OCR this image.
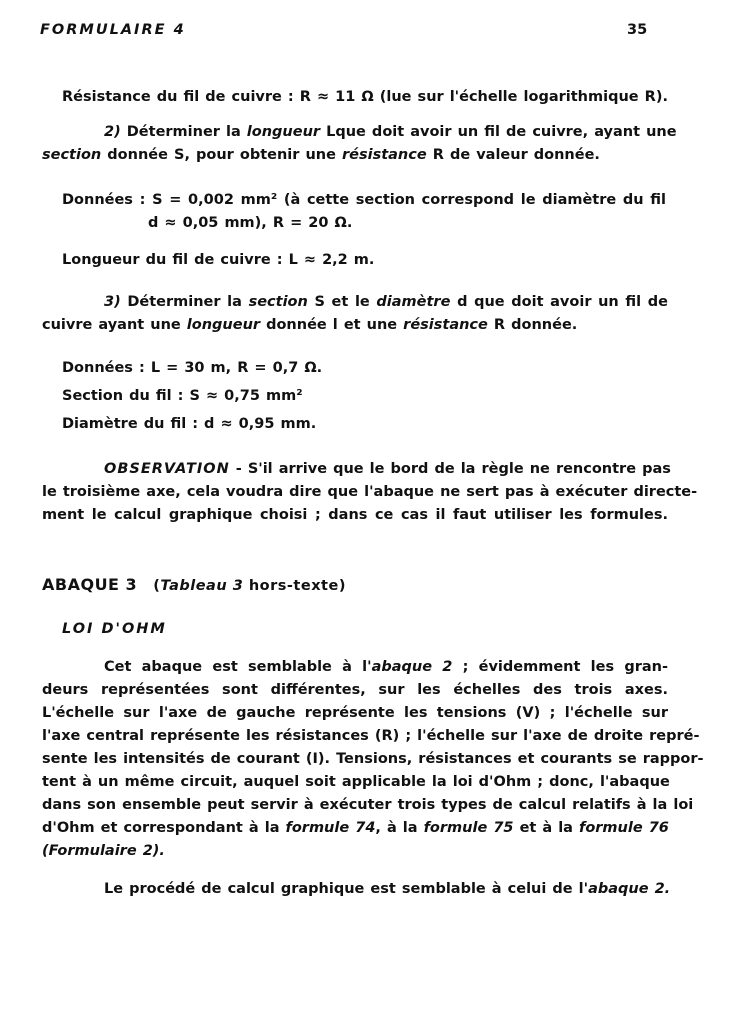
FORMULAIRE 4	35
Résistance du fil de cuivre : R ≈ 11 Ω (lue sur l'échelle logarithmique R).
2) Déterminer la longueur Lque doit avoir un fil de cuivre, ayant une
section donnée S, pour obtenir une résistance R de valeur donnée.
Données : S = 0,002 mm² (à cette section correspond le diamètre du fil
d ≈ 0,05 mm), R = 20 Ω.
Longueur du fil de cuivre : L ≈ 2,2 m.
3) Déterminer la section S et le diamètre d que doit avoir un fil de
cuivre ayant une longueur donnée l et une résistance R donnée.
Données : L = 30 m, R = 0,7 Ω.
Section du fil : S ≈ 0,75 mm²
Diamètre du fil : d ≈ 0,95 mm.
OBSERVATION - S'il arrive que le bord de la règle ne rencontre pas
le troisième axe, cela voudra dire que l'abaque ne sert pas à exécuter directe-
ment le calcul graphique choisi ; dans ce cas il faut utiliser les formules.
ABAQUE 3 (Tableau 3 hors-texte)
LOI D'OHM
Cet abaque est semblable à l'abaque 2 ; évidemment les gran-
deurs représentées sont différentes, sur les échelles des trois axes.
L'échelle sur l'axe de gauche représente les tensions (V) ; l'échelle sur
l'axe central représente les résistances (R) ; l'échelle sur l'axe de droite repré-
sente les intensités de courant (I). Tensions, résistances et courants se rappor-
tent à un même circuit, auquel soit applicable la loi d'Ohm ; donc, l'abaque
dans son ensemble peut servir à exécuter trois types de calcul relatifs à la loi
d'Ohm et correspondant à la formule 74, à la formule 75 et à la formule 76
(Formulaire 2).
Le procédé de calcul graphique est semblable à celui de l'abaque 2.
